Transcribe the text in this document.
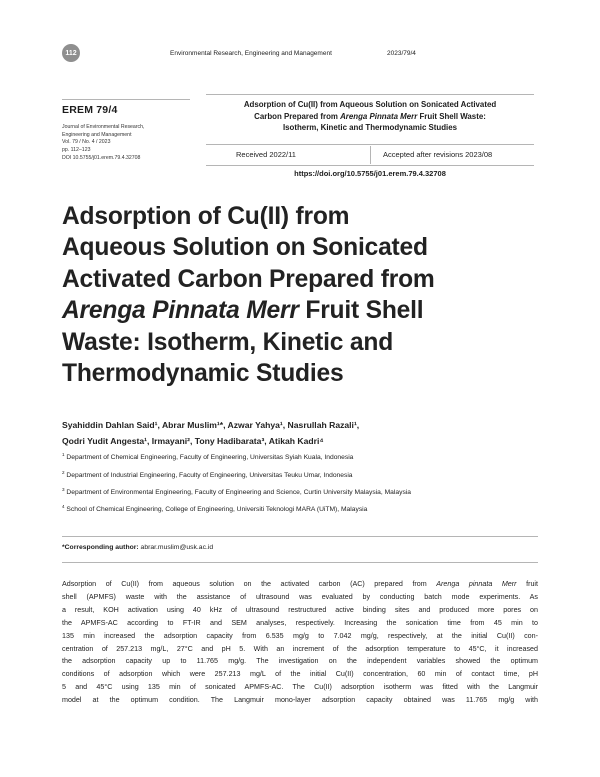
112	Environmental Research, Engineering and Management	2023/79/4
EREM 79/4
Journal of Environmental Research,
Engineering and Management
Vol. 79 / No. 4 / 2023
pp. 112–123
DOI 10.5755/j01.erem.79.4.32708
Adsorption of Cu(II) from Aqueous Solution on Sonicated Activated
Carbon Prepared from Arenga Pinnata Merr Fruit Shell Waste:
Isotherm, Kinetic and Thermodynamic Studies
Received 2022/11	Accepted after revisions 2023/08
https://doi.org/10.5755/j01.erem.79.4.32708
Adsorption of Cu(II) from
Aqueous Solution on Sonicated
Activated Carbon Prepared from
Arenga Pinnata Merr Fruit Shell
Waste: Isotherm, Kinetic and
Thermodynamic Studies
Syahiddin Dahlan Said¹, Abrar Muslim¹*, Azwar Yahya¹, Nasrullah Razali¹,
Qodri Yudit Angesta¹, Irmayani², Tony Hadibarata³, Atikah Kadri⁴
$^1$ Department of Chemical Engineering, Faculty of Engineering, Universitas Syiah Kuala, Indonesia
$^2$ Department of Industrial Engineering, Faculty of Engineering, Universitas Teuku Umar, Indonesia
$^3$ Department of Environmental Engineering, Faculty of Engineering and Science, Curtin University Malaysia, Malaysia
$^4$ School of Chemical Engineering, College of Engineering, Universiti Teknologi MARA (UiTM), Malaysia
*Corresponding author: abrar.muslim@usk.ac.id
Adsorption of Cu(II) from aqueous solution on the activated carbon (AC) prepared from Arenga pinnata Merr fruit
shell (APMFS) waste with the assistance of ultrasound was evaluated by conducting batch mode experiments. As
a result, KOH activation using 40 kHz of ultrasound restructured active binding sites and produced more pores on
the APMFS-AC according to FT-IR and SEM analyses, respectively. Increasing the sonication time from 45 min to
135 min increased the adsorption capacity from 6.535 mg/g to 7.042 mg/g, respectively, at the initial Cu(II) con-
centration of 257.213 mg/L, 27°C and pH 5. With an increment of the adsorption temperature to 45°C, it increased
the adsorption capacity up to 11.765 mg/g. The investigation on the independent variables showed the optimum
conditions of adsorption which were 257.213 mg/L of the initial Cu(II) concentration, 60 min of contact time, pH
5 and 45°C using 135 min of sonicated APMFS-AC. The Cu(II) adsorption isotherm was fitted with the Langmuir
model at the optimum condition. The Langmuir mono-layer adsorption capacity obtained was 11.765 mg/g with
